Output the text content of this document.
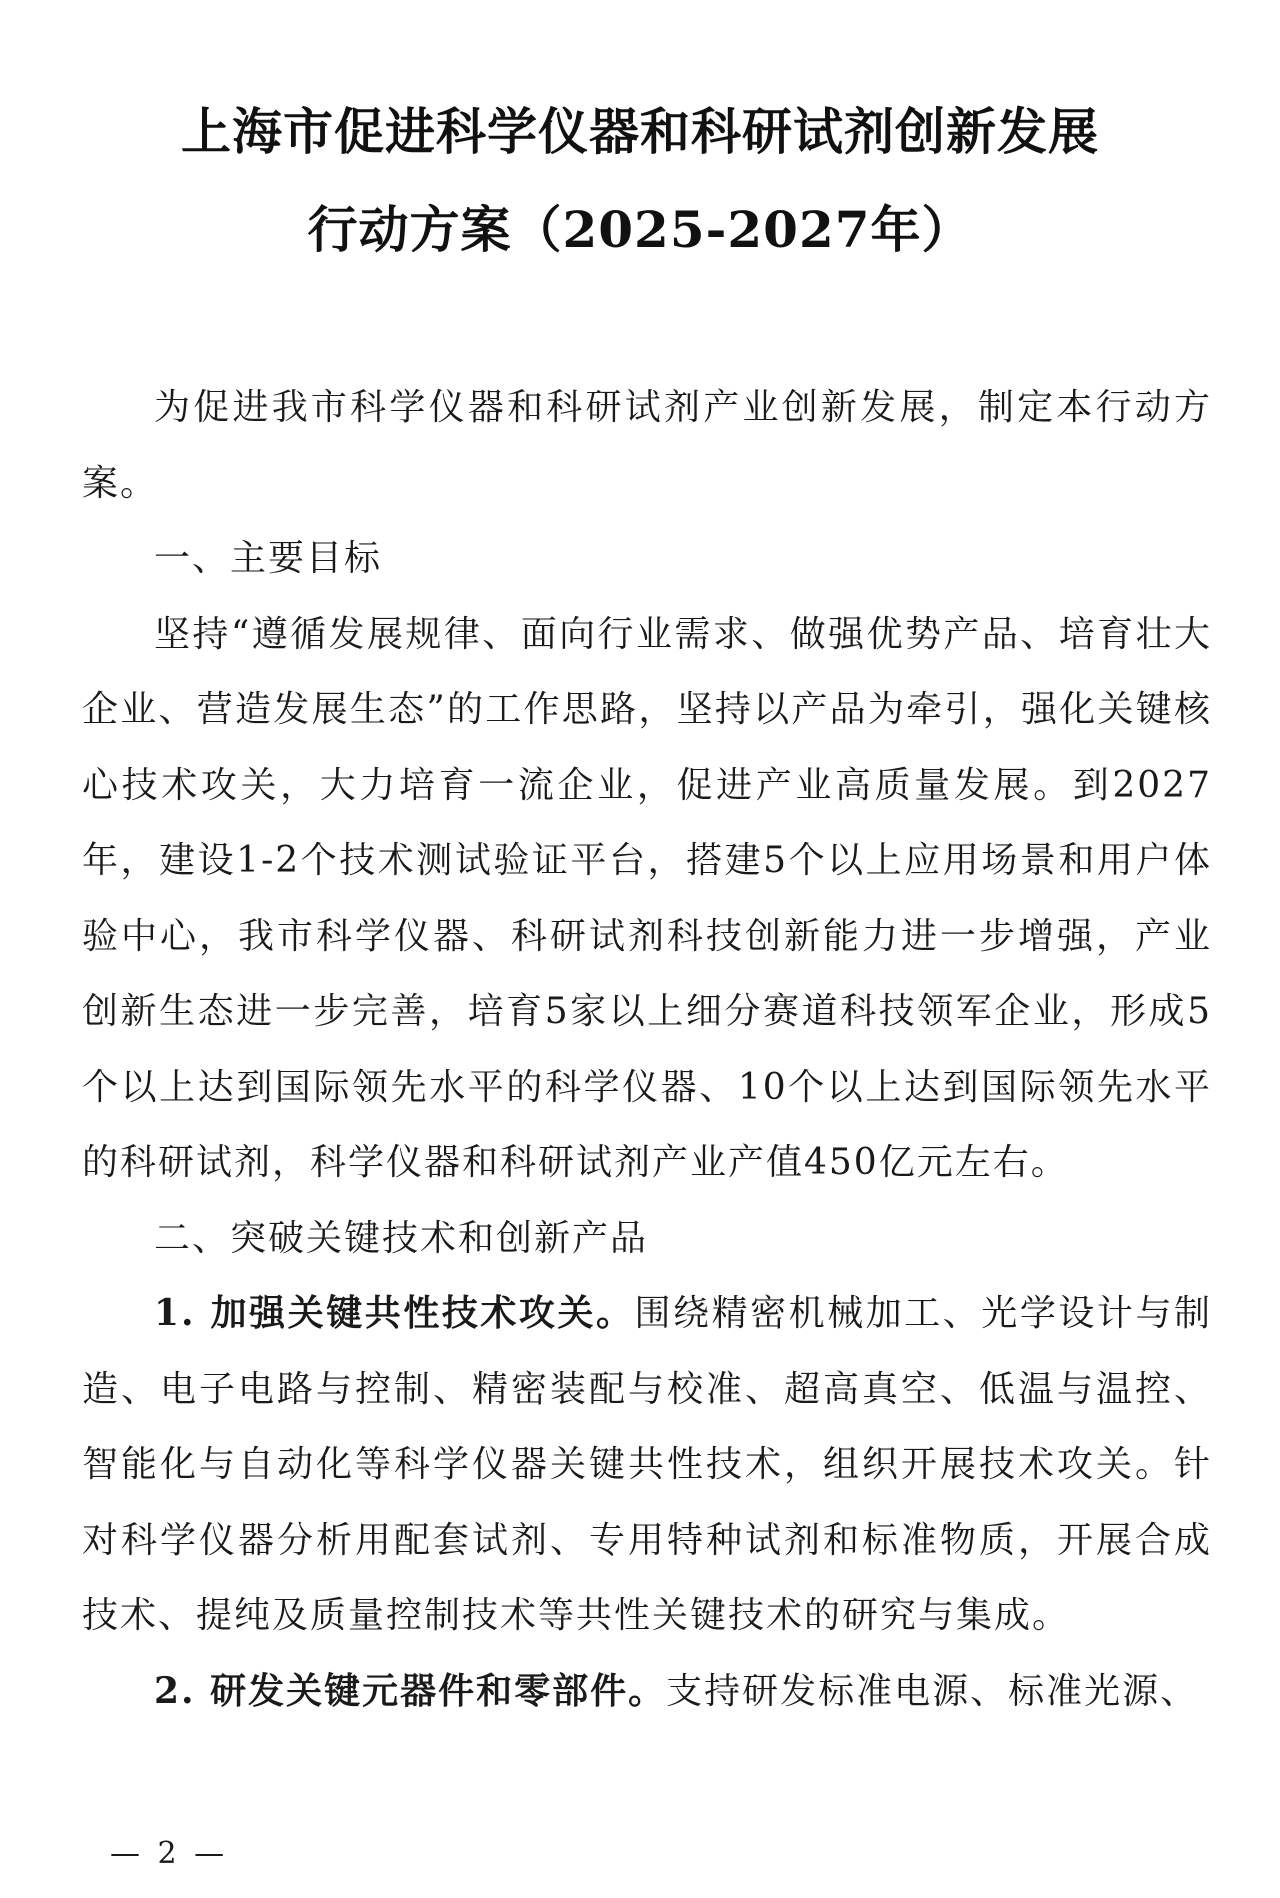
上海市促进科学仪器和科研试剂创新发展
行动方案（2025-2027年）

为促进我市科学仪器和科研试剂产业创新发展，制定本行动方案。

一、主要目标

坚持“遵循发展规律、面向行业需求、做强优势产品、培育壮大企业、营造发展生态”的工作思路，坚持以产品为牵引，强化关键核心技术攻关，大力培育一流企业，促进产业高质量发展。到2027年，建设1-2个技术测试验证平台，搭建5个以上应用场景和用户体验中心，我市科学仪器、科研试剂科技创新能力进一步增强，产业创新生态进一步完善，培育5家以上细分赛道科技领军企业，形成5个以上达到国际领先水平的科学仪器、10个以上达到国际领先水平的科研试剂，科学仪器和科研试剂产业产值450亿元左右。

二、突破关键技术和创新产品

1. 加强关键共性技术攻关。围绕精密机械加工、光学设计与制造、电子电路与控制、精密装配与校准、超高真空、低温与温控、智能化与自动化等科学仪器关键共性技术，组织开展技术攻关。针对科学仪器分析用配套试剂、专用特种试剂和标准物质，开展合成技术、提纯及质量控制技术等共性关键技术的研究与集成。

2. 研发关键元器件和零部件。支持研发标准电源、标准光源、

— 2 —
